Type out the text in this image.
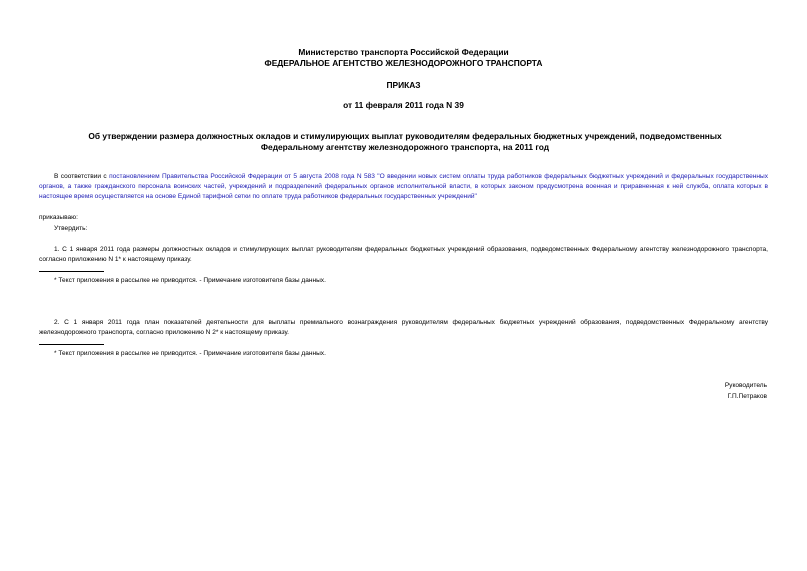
Министерство транспорта Российской Федерации
ФЕДЕРАЛЬНОЕ АГЕНТСТВО ЖЕЛЕЗНОДОРОЖНОГО ТРАНСПОРТА
ПРИКАЗ
от 11 февраля 2011 года N 39
Об утверждении размера должностных окладов и стимулирующих выплат руководителям федеральных бюджетных учреждений, подведомственных Федеральному агентству железнодорожного транспорта, на 2011 год
В соответствии с постановлением Правительства Российской Федерации от 5 августа 2008 года N 583 "О введении новых систем оплаты труда работников федеральных бюджетных учреждений и федеральных государственных органов, а также гражданского персонала воинских частей, учреждений и подразделений федеральных органов исполнительной власти, в которых законом предусмотрена военная и приравненная к ней служба, оплата которых в настоящее время осуществляется на основе Единой тарифной сетки по оплате труда работников федеральных государственных учреждений"
приказываю:
Утвердить:
1. С 1 января 2011 года размеры должностных окладов и стимулирующих выплат руководителям федеральных бюджетных учреждений образования, подведомственных Федеральному агентству железнодорожного транспорта, согласно приложению N 1* к настоящему приказу.
* Текст приложения в рассылке не приводится. - Примечание изготовителя базы данных.
2. С 1 января 2011 года план показателей деятельности для выплаты премиального вознаграждения руководителям федеральных бюджетных учреждений образования, подведомственных Федеральному агентству железнодорожного транспорта, согласно приложению N 2* к настоящему приказу.
* Текст приложения в рассылке не приводится. - Примечание изготовителя базы данных.
Руководитель
Г.П.Петраков
